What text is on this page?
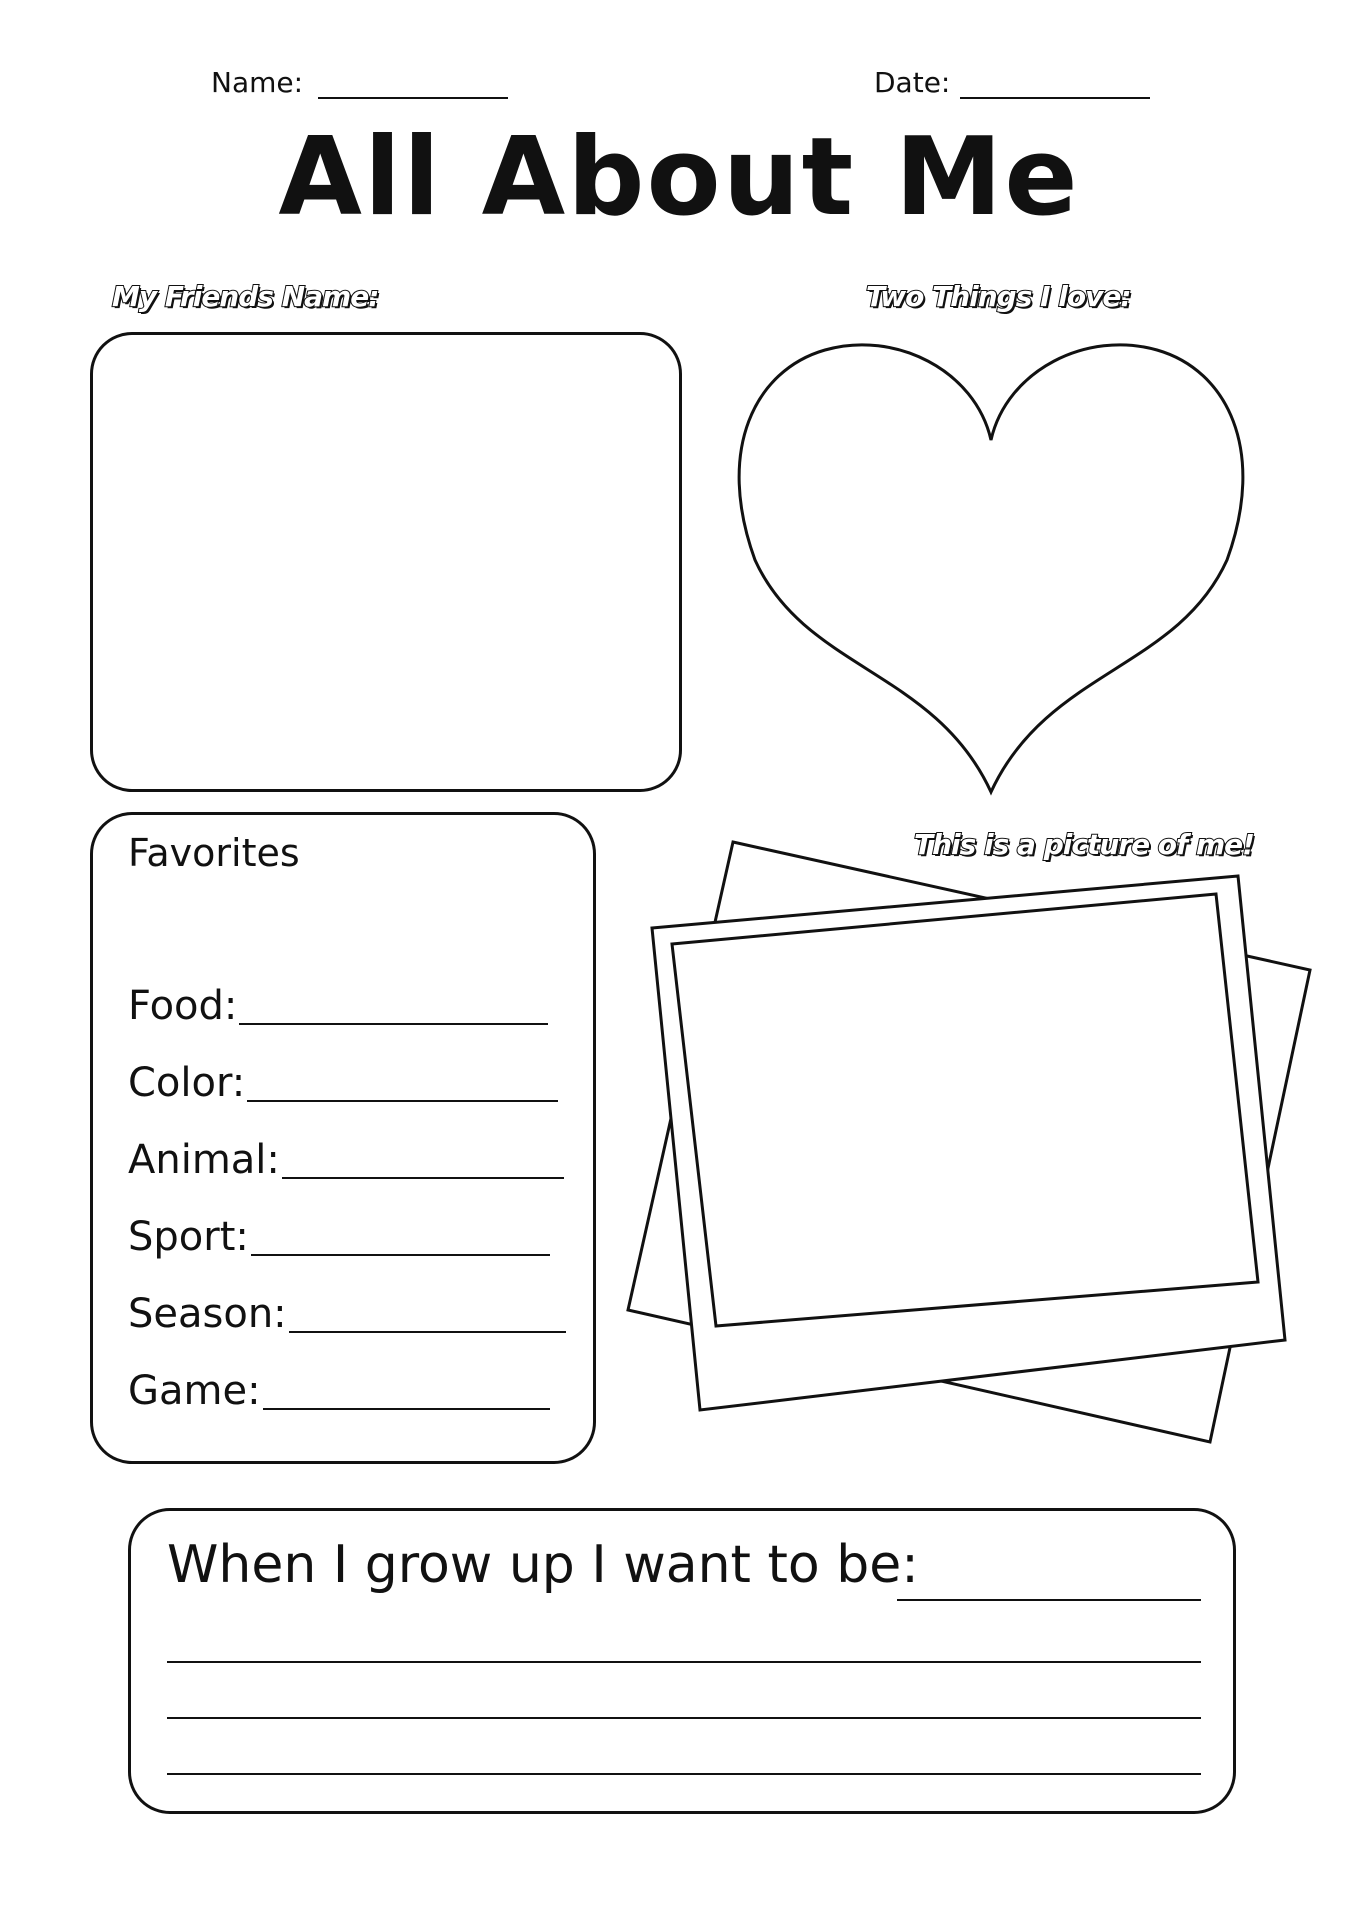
Name:	Date:
All About Me
My Friends Name:	Two Things I love:
Favorites
Food:
Color:
Animal:
Sport:
Season:
Game:
This is a picture of me!
When I grow up I want to be:
